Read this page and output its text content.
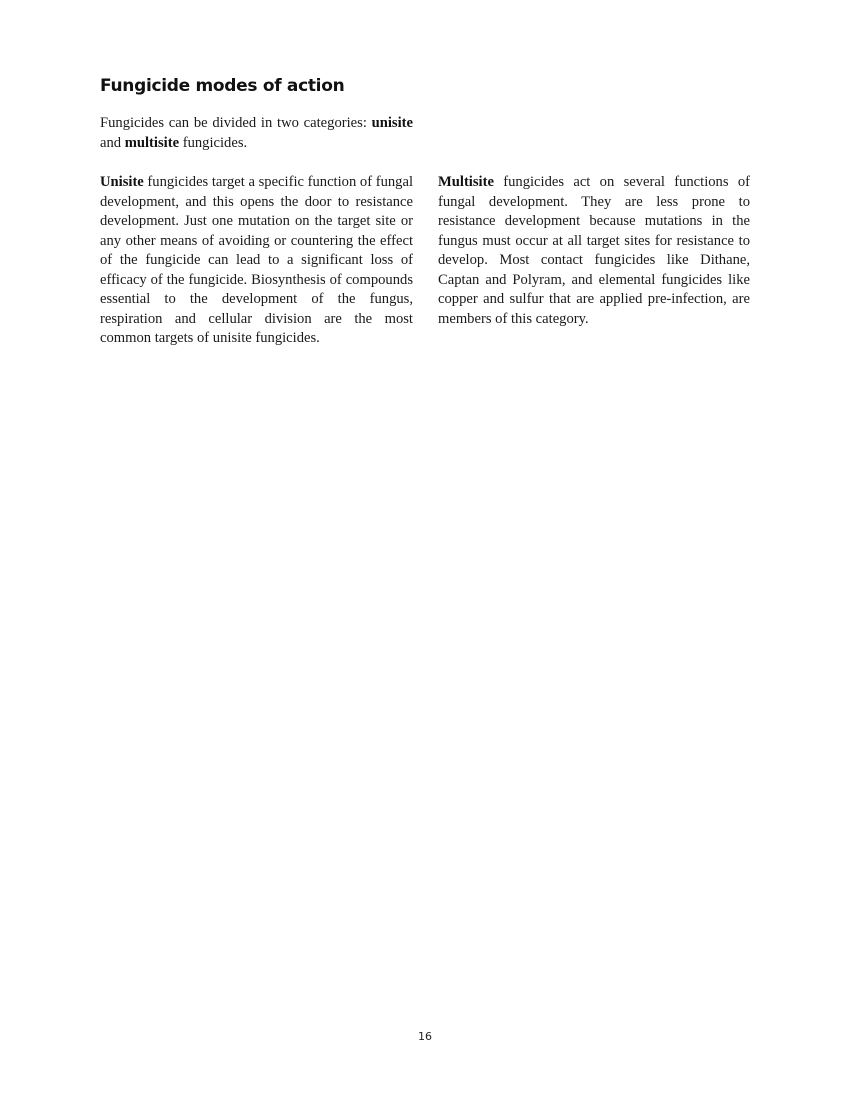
Fungicide modes of action

Fungicides can be divided in two categories: unisite and multisite fungicides.

Unisite fungicides target a specific function of fungal development, and this opens the door to resistance development. Just one mutation on the target site or any other means of avoiding or countering the effect of the fungicide can lead to a significant loss of efficacy of the fungicide. Biosynthesis of compounds essential to the development of the fungus, respiration and cellular division are the most common targets of unisite fungicides.

Multisite fungicides act on several functions of fungal development. They are less prone to resistance development because mutations in the fungus must occur at all target sites for resistance to develop. Most contact fungicides like Dithane, Captan and Polyram, and elemental fungicides like copper and sulfur that are applied pre-infection, are members of this category.

16
